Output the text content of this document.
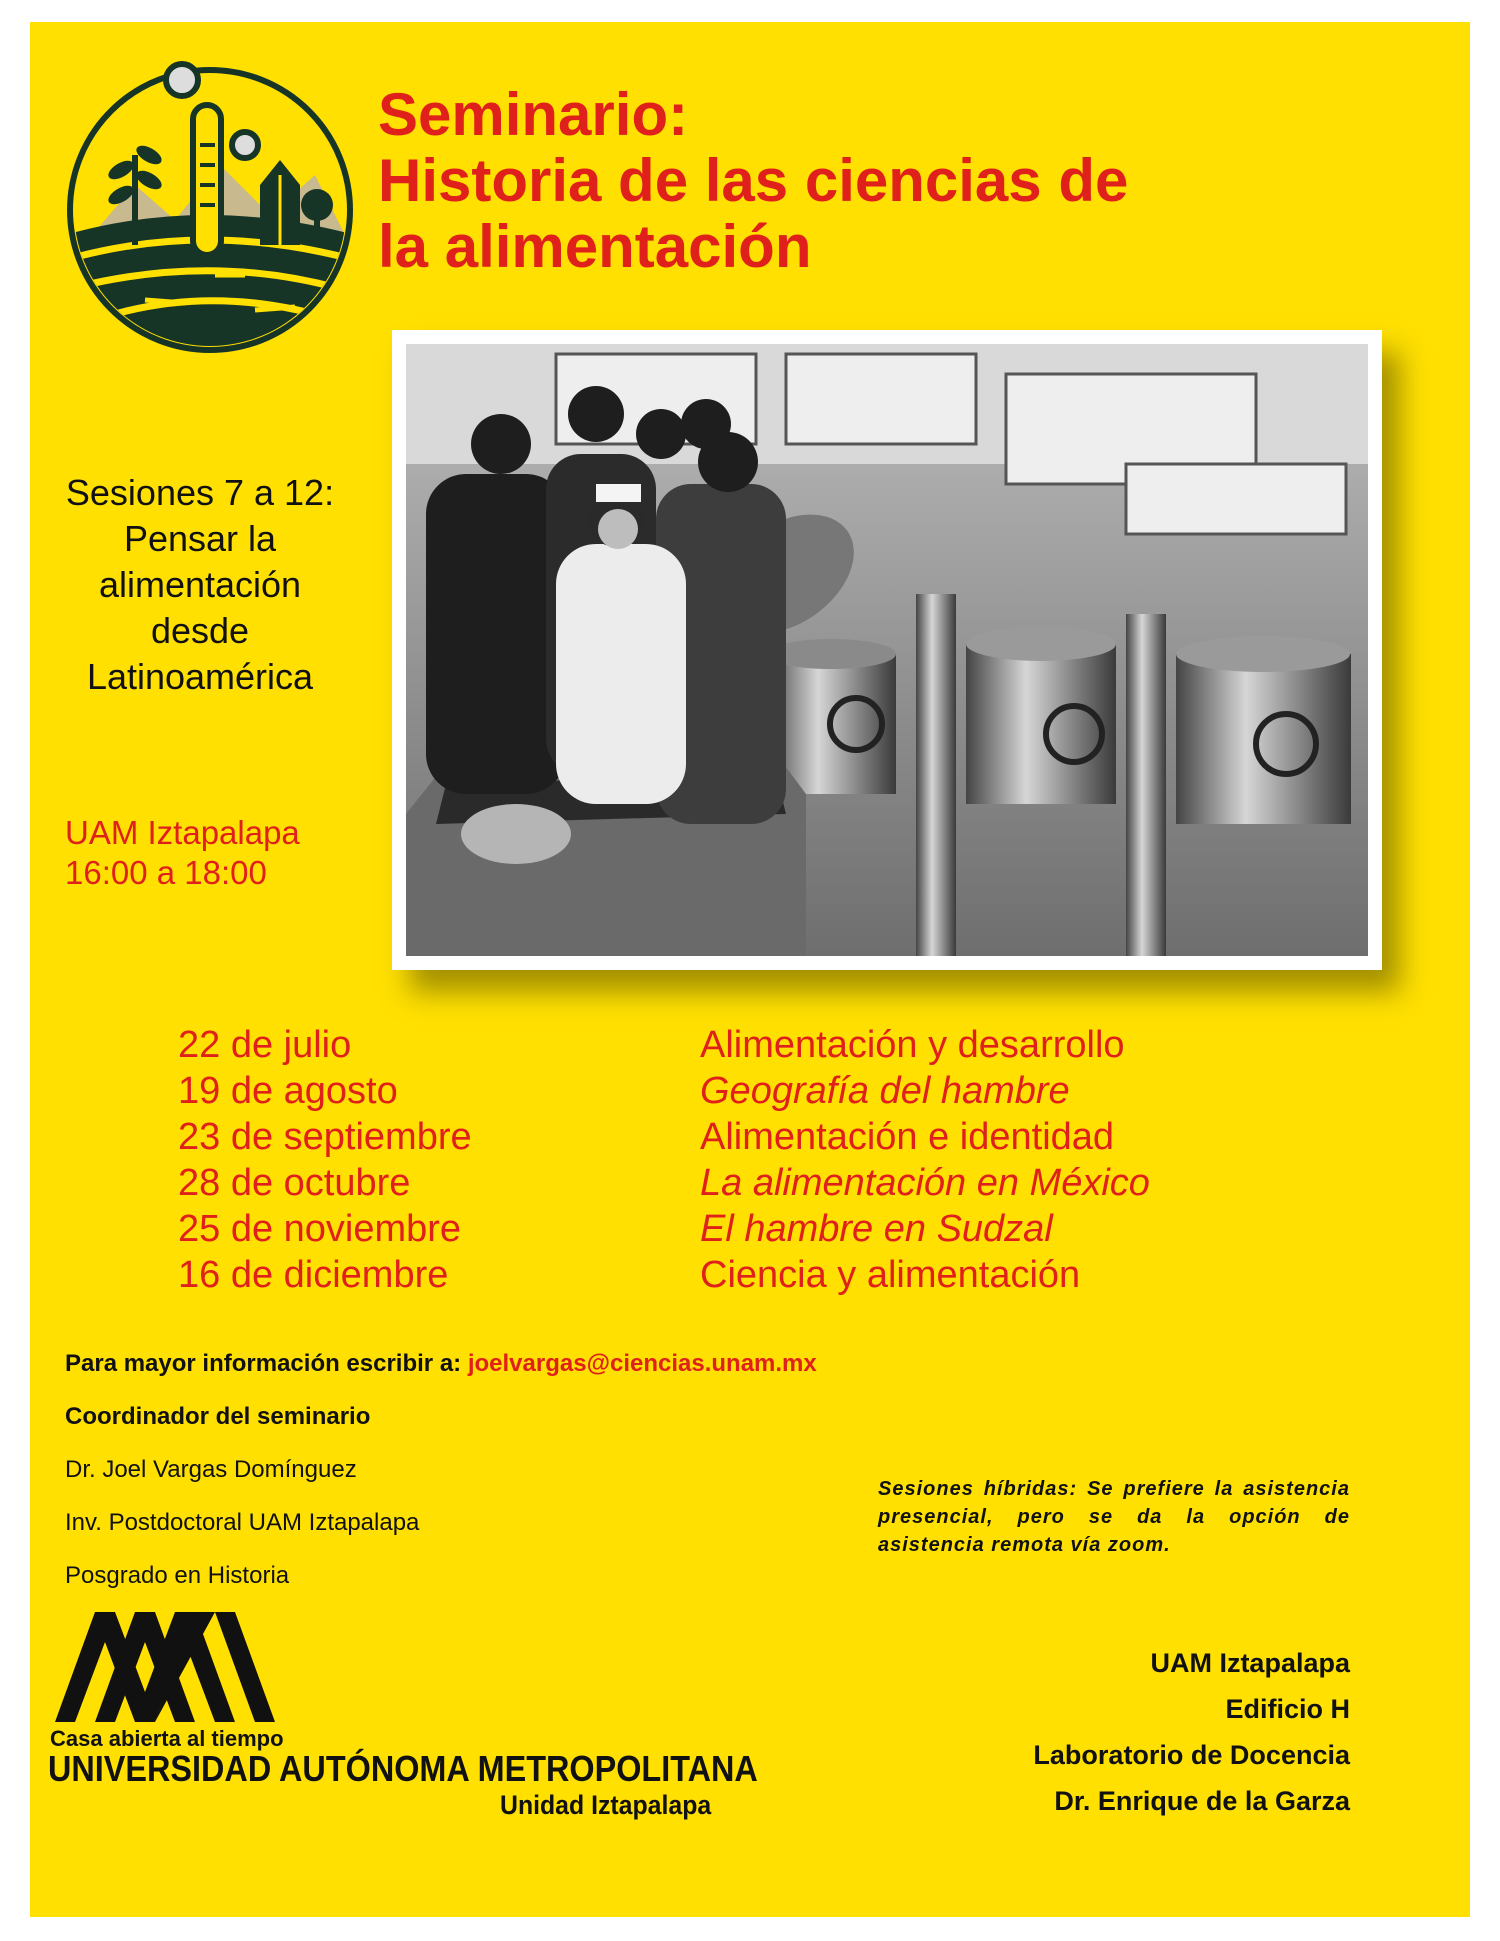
Seminario:
Historia de las ciencias de
la alimentación
Sesiones 7 a 12:
Pensar la
alimentación
desde
Latinoamérica
UAM Iztapalapa
16:00 a 18:00
22 de julio
19 de agosto
23 de septiembre
28 de octubre
25 de noviembre
16 de diciembre
Alimentación y desarrollo
Geografía del hambre
Alimentación e identidad
La alimentación en México
El hambre en Sudzal
Ciencia y alimentación
Para mayor información escribir a: joelvargas@ciencias.unam.mx
Coordinador del seminario
Dr. Joel Vargas Domínguez
Inv. Postdoctoral UAM Iztapalapa
Posgrado en Historia
Sesiones híbridas: Se prefiere la asistencia presencial, pero se da la opción de asistencia remota vía zoom.
UAM Iztapalapa
Edificio H
Laboratorio de Docencia
Dr. Enrique de la Garza
Casa abierta al tiempo
UNIVERSIDAD AUTÓNOMA METROPOLITANA
Unidad Iztapalapa
